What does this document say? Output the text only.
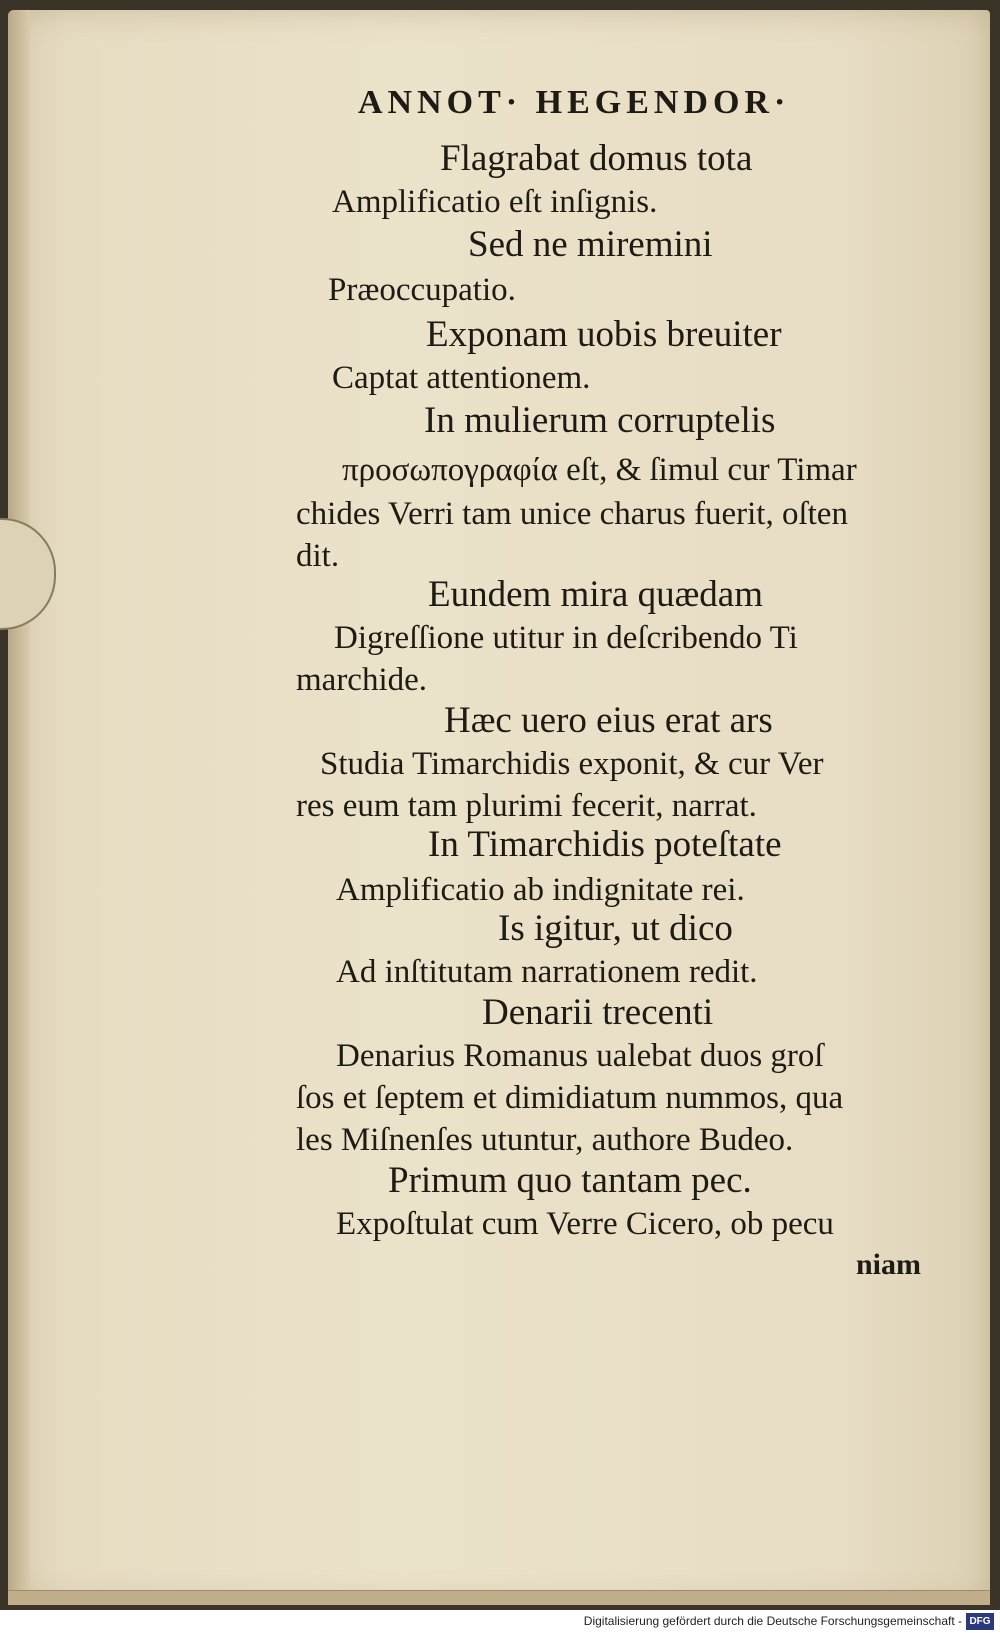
ANNOT· HEGENDOR·
Flagrabat domus tota
Amplificatio eſt inſignis.
Sed ne miremini
Præoccupatio.
Exponam uobis breuiter
Captat attentionem.
In mulierum corruptelis
προσωπογραφία eſt, & ſimul cur Timar
chides Verri tam unice charus fuerit, oſten
dit.
Eundem mira quædam
Digreſſione utitur in deſcribendo Ti
marchide.
Hæc uero eius erat ars
Studia Timarchidis exponit, & cur Ver
res eum tam plurimi fecerit, narrat.
In Timarchidis poteſtate
Amplificatio ab indignitate rei.
Is igitur, ut dico
Ad inſtitutam narrationem redit.
Denarii trecenti
Denarius Romanus ualebat duos groſ
ſos et ſeptem et dimidiatum nummos, qua
les Miſnenſes utuntur, authore Budeo.
Primum quo tantam pec.
Expoſtulat cum Verre Cicero, ob pecu
niam
Digitalisierung gefördert durch die Deutsche Forschungsgemeinschaft - DFG
